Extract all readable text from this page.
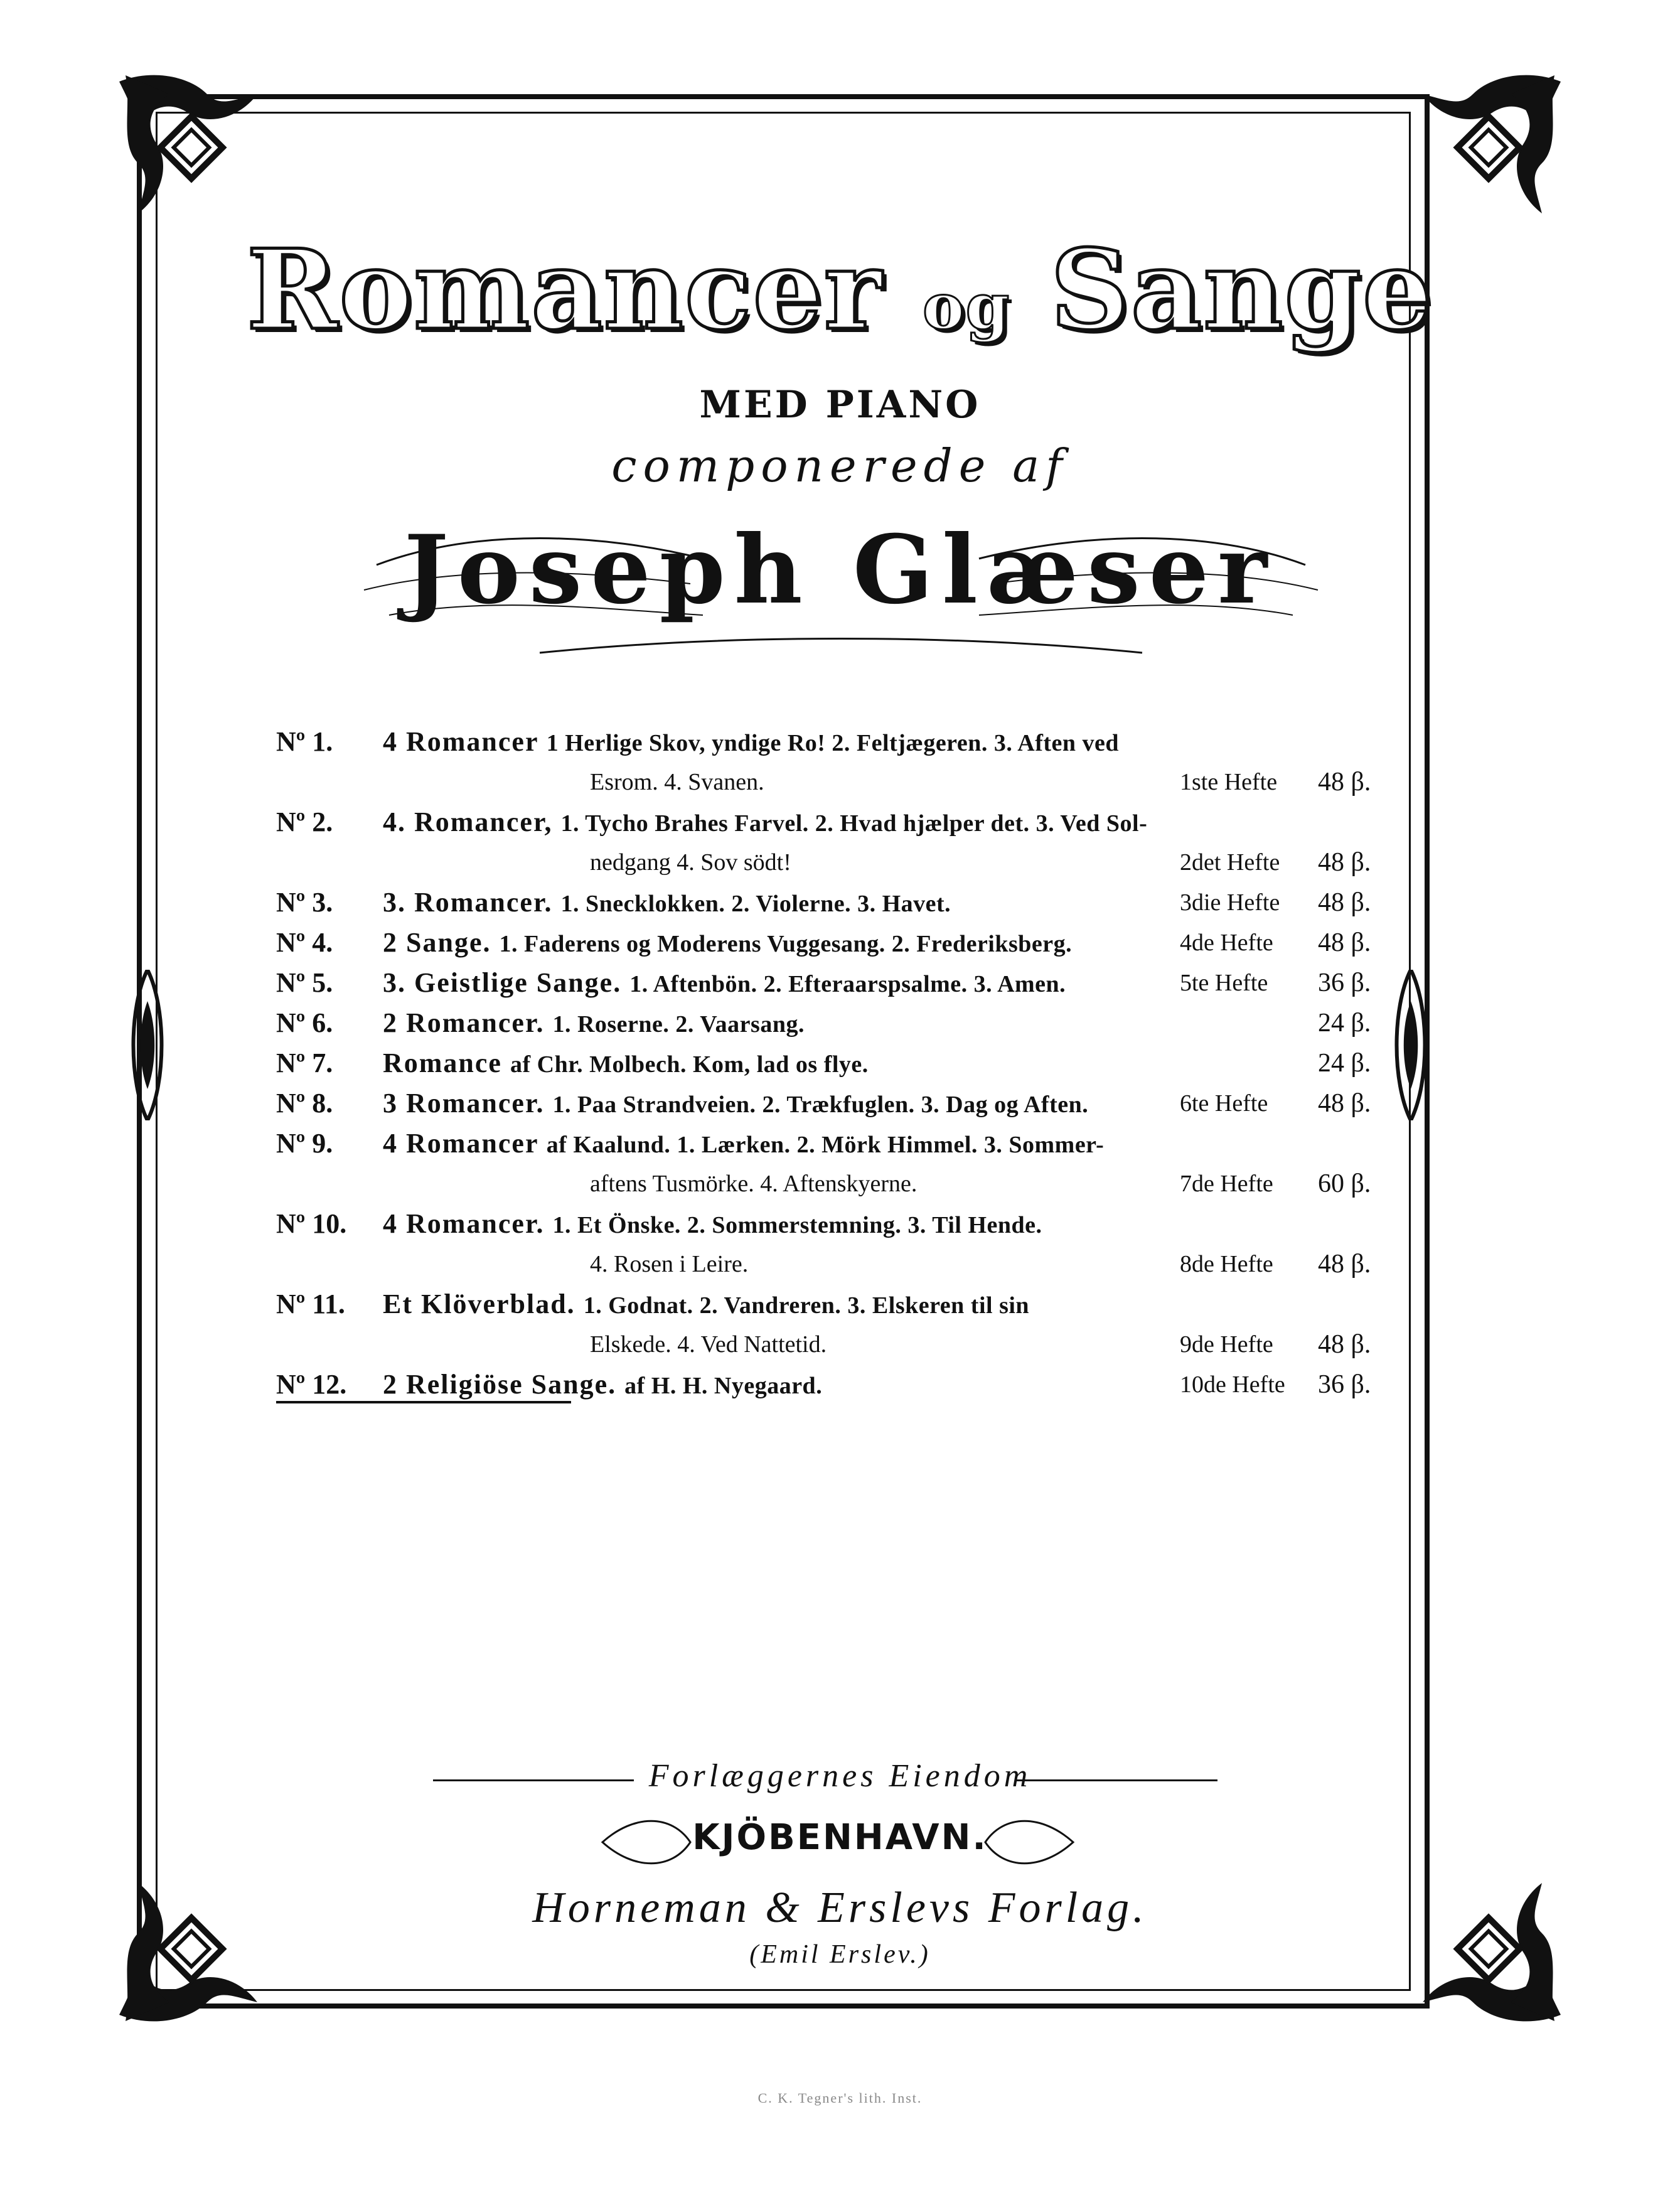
Romancer og Sange
MED PIANO
componerede af
Joseph Glæser
Nº 1. 4 Romancer 1 Herlige Skov, yndige Ro! 2. Feltjægeren. 3. Aften ved
Esrom. 4. Svanen.	1ste Hefte 48 β.
Nº 2. 4. Romancer, 1. Tycho Brahes Farvel. 2. Hvad hjælper det. 3. Ved Sol-
nedgang 4. Sov södt!	2det Hefte 48 β.
Nº 3. 3. Romancer. 1. Snecklokken. 2. Violerne. 3. Havet.	3die Hefte 48 β.
Nº 4. 2 Sange. 1. Faderens og Moderens Vuggesang. 2. Frederiksberg.	4de Hefte 48 β.
Nº 5. 3. Geistlige Sange. 1. Aftenbön. 2. Efteraarspsalme. 3. Amen.	5te Hefte 36 β.
Nº 6. 2 Romancer. 1. Roserne. 2. Vaarsang.	24 β.
Nº 7. Romance af Chr. Molbech. Kom, lad os flye.	24 β.
Nº 8. 3 Romancer. 1. Paa Strandveien. 2. Trækfuglen. 3. Dag og Aften.	6te Hefte 48 β.
Nº 9. 4 Romancer af Kaalund. 1. Lærken. 2. Mörk Himmel. 3. Sommer-
aftens Tusmörke. 4. Aftenskyerne.	7de Hefte 60 β.
Nº 10. 4 Romancer. 1. Et Önske. 2. Sommerstemning. 3. Til Hende.
4. Rosen i Leire.	8de Hefte 48 β.
Nº 11. Et Klöverblad. 1. Godnat. 2. Vandreren. 3. Elskeren til sin
Elskede. 4. Ved Nattetid.	9de Hefte 48 β.
Nº 12. 2 Religiöse Sange. af H. H. Nyegaard.	10de Hefte 36 β.
Forlæggernes Eiendom
KJÖBENHAVN.
Horneman & Erslevs Forlag.
(Emil Erslev.)
C. K. Tegner's lith. Inst.
